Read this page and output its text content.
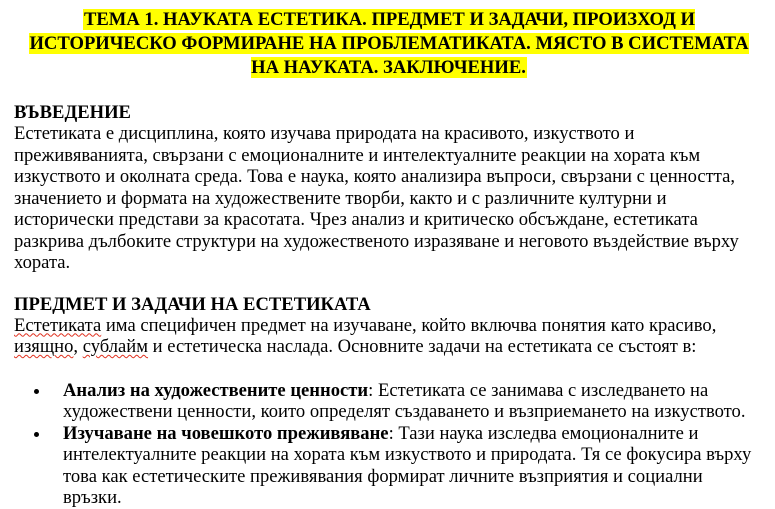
ТЕМА 1. НАУКАТА ЕСТЕТИКА. ПРЕДМЕТ И ЗАДАЧИ, ПРОИЗХОД И ИСТОРИЧЕСКО ФОРМИРАНЕ НА ПРОБЛЕМАТИКАТА. МЯСТО В СИСТЕМАТА НА НАУКАТА. ЗАКЛЮЧЕНИЕ.

ВЪВЕДЕНИЕ

Естетиката е дисциплина, която изучава природата на красивото, изкуството и преживяванията, свързани с емоционалните и интелектуалните реакции на хората към изкуството и околната среда. Това е наука, която анализира въпроси, свързани с ценността, значението и формата на художествените творби, както и с различните културни и исторически представи за красотата. Чрез анализ и критическо обсъждане, естетиката разкрива дълбоките структури на художественото изразяване и неговото въздействие върху хората.

ПРЕДМЕТ И ЗАДАЧИ НА ЕСТЕТИКАТА

Естетиката има специфичен предмет на изучаване, който включва понятия като красиво, изящно, сублайм и естетическа наслада. Основните задачи на естетиката се състоят в:

Анализ на художествените ценности: Естетиката се занимава с изследването на художествени ценности, които определят създаването и възприемането на изкуството.
Изучаване на човешкото преживяване: Тази наука изследва емоционалните и интелектуалните реакции на хората към изкуството и природата. Тя се фокусира върху това как естетическите преживявания формират личните възприятия и социални връзки.
